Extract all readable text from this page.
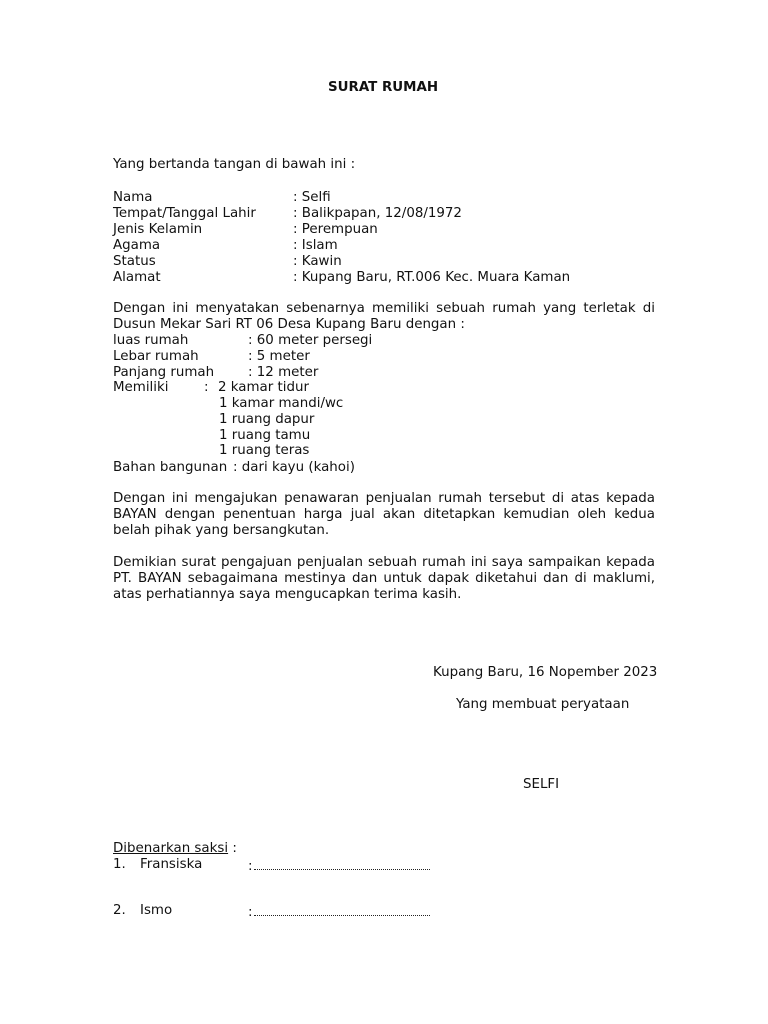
SURAT RUMAH
Yang bertanda tangan di bawah ini :
Nama	: Selfi
Tempat/Tanggal Lahir	: Balikpapan, 12/08/1972
Jenis Kelamin	: Perempuan
Agama	: Islam
Status	: Kawin
Alamat	: Kupang Baru, RT.006 Kec. Muara Kaman
Dengan ini menyatakan sebenarnya memiliki sebuah rumah yang terletak di
Dusun Mekar Sari RT 06 Desa Kupang Baru dengan :
luas rumah	: 60 meter persegi
Lebar rumah	: 5 meter
Panjang rumah	: 12 meter
Memiliki	: 2 kamar tidur
1 kamar mandi/wc
1 ruang dapur
1 ruang tamu
1 ruang teras
Bahan bangunan : dari kayu (kahoi)
Dengan ini mengajukan penawaran penjualan rumah tersebut di atas kepada
BAYAN dengan penentuan harga jual akan ditetapkan kemudian oleh kedua
belah pihak yang bersangkutan.
Demikian surat pengajuan penjualan sebuah rumah ini saya sampaikan kepada
PT. BAYAN sebagaimana mestinya dan untuk dapak diketahui dan di maklumi,
atas perhatiannya saya mengucapkan terima kasih.
Kupang Baru, 16 Nopember 2023
Yang membuat peryataan
SELFI
Dibenarkan saksi :
1. Fransiska	:
2. Ismo	:
